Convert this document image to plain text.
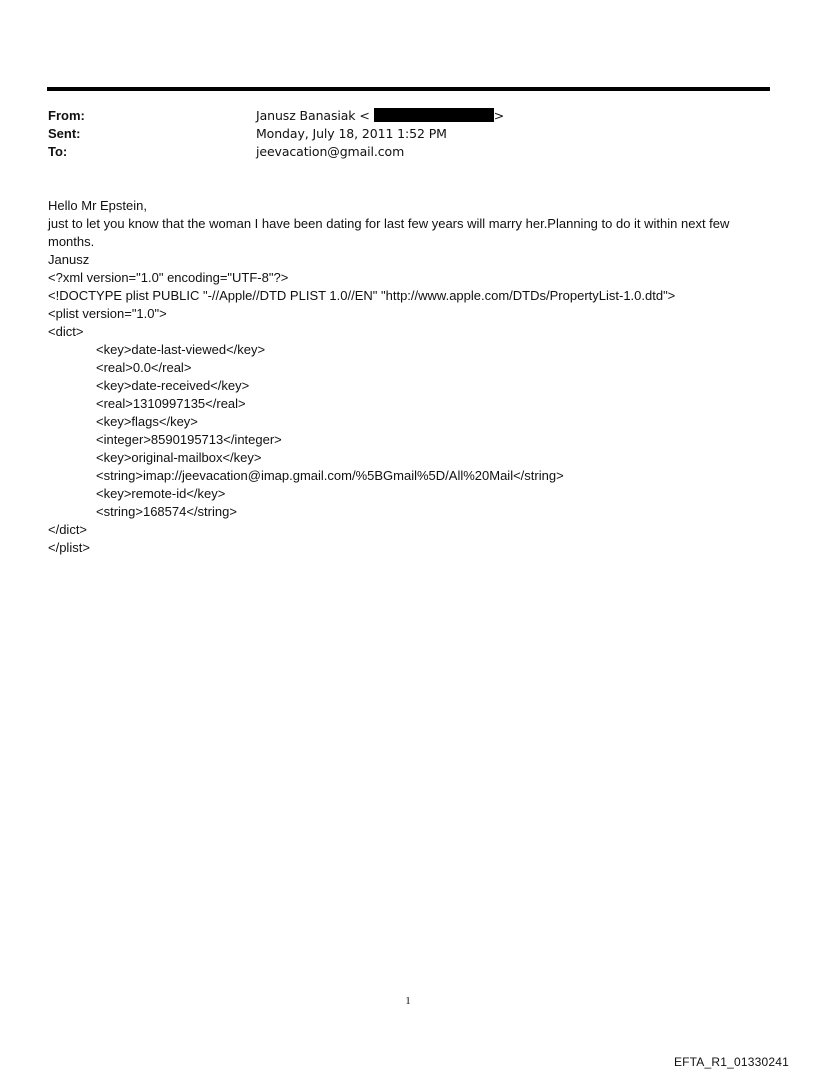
From:	Janusz Banasiak <	>
Sent:	Monday, July 18, 2011 1:52 PM
To:	jeevacation@gmail.com
Hello Mr Epstein,
just to let you know that the woman I have been dating for last few years will marry her.Planning to do it within next few months.
Janusz
<?xml version="1.0" encoding="UTF-8"?>
<!DOCTYPE plist PUBLIC "-//Apple//DTD PLIST 1.0//EN" "http://www.apple.com/DTDs/PropertyList-1.0.dtd">
<plist version="1.0">
<dict>
<key>date-last-viewed</key>
<real>0.0</real>
<key>date-received</key>
<real>1310997135</real>
<key>flags</key>
<integer>8590195713</integer>
<key>original-mailbox</key>
<string>imap://jeevacation@imap.gmail.com/%5BGmail%5D/All%20Mail</string>
<key>remote-id</key>
<string>168574</string>
</dict>
</plist>
1
EFTA_R1_01330241
